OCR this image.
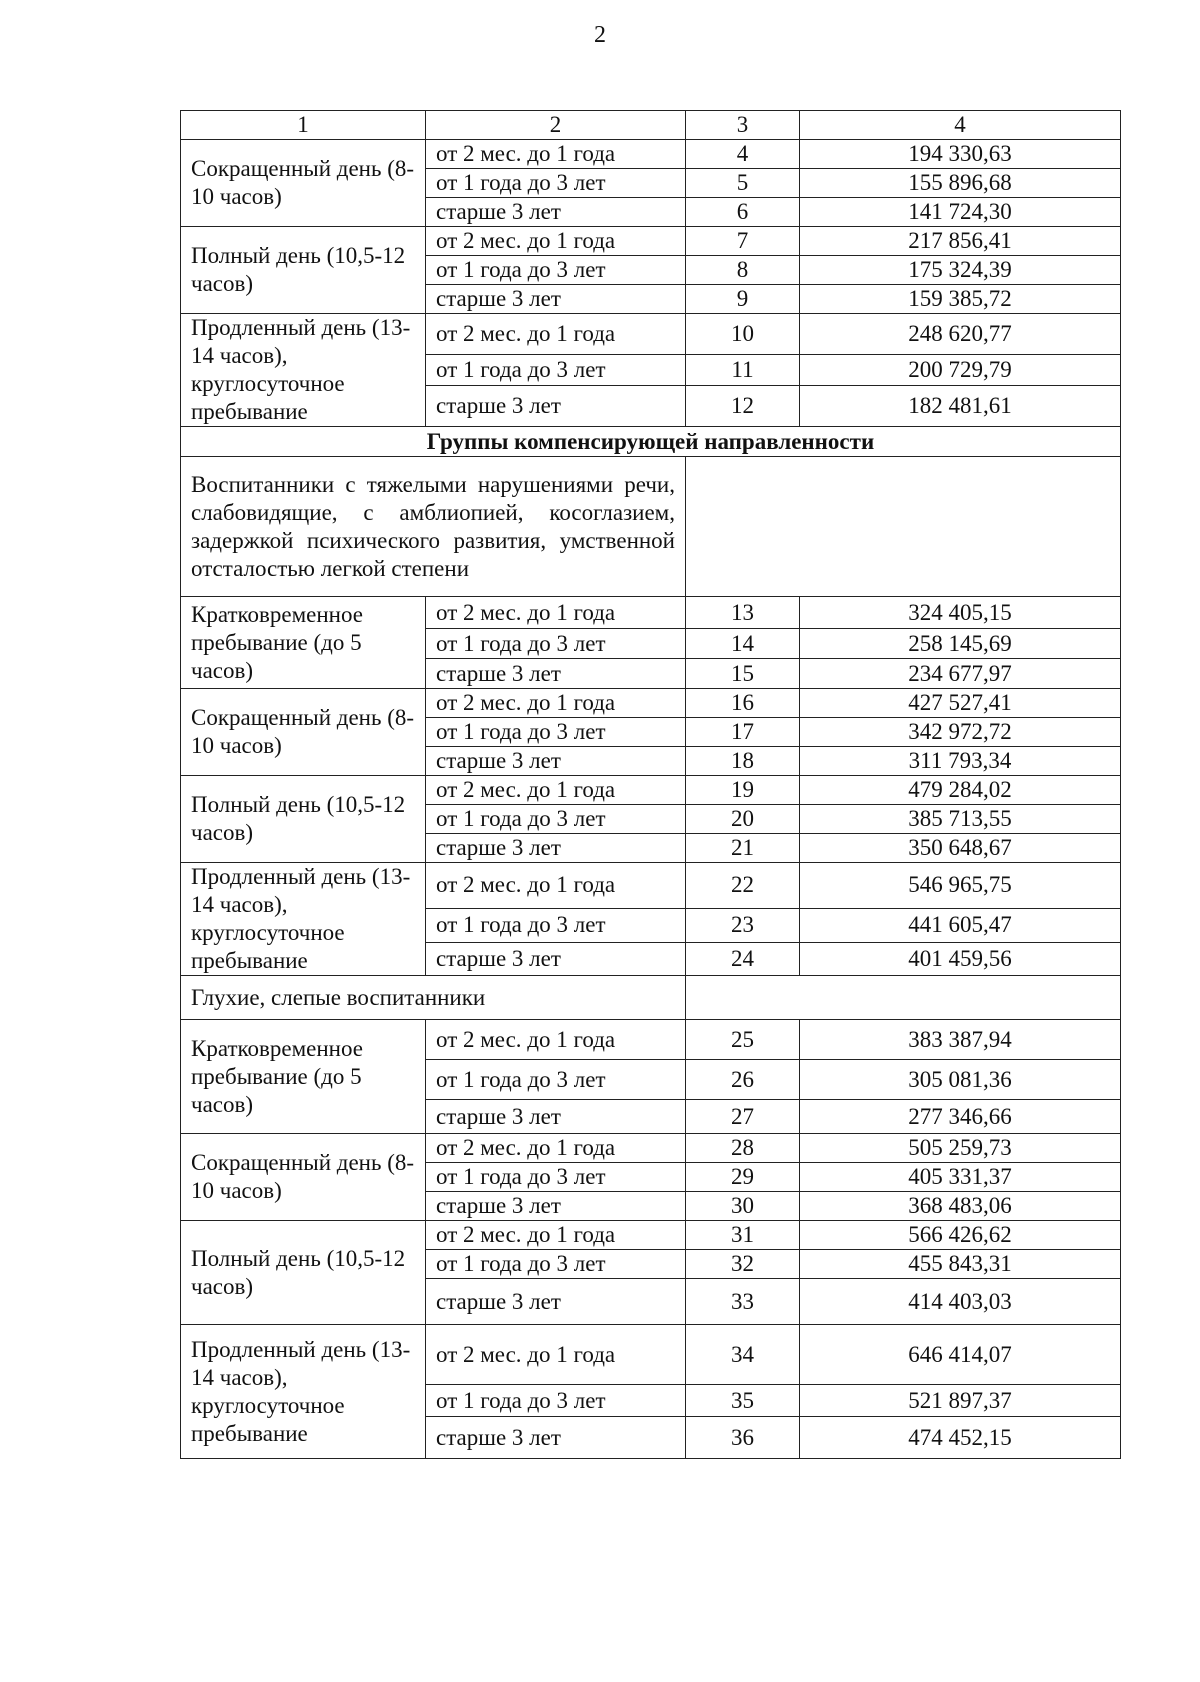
2
1	2	3	4
Сокращенный день (8-10 часов)	от 2 мес. до 1 года	4	194 330,63
	от 1 года до 3 лет	5	155 896,68
	старше 3 лет	6	141 724,30
Полный день (10,5-12 часов)	от 2 мес. до 1 года	7	217 856,41
	от 1 года до 3 лет	8	175 324,39
	старше 3 лет	9	159 385,72
Продленный день (13-14 часов), круглосуточное пребывание	от 2 мес. до 1 года	10	248 620,77
	от 1 года до 3 лет	11	200 729,79
	старше 3 лет	12	182 481,61
Группы компенсирующей направленности			
Воспитанники с тяжелыми нарушениями речи, слабовидящие, с амблиопией, косоглазием, задержкой психического развития, умственной отсталостью легкой степени			
Кратковременное пребывание (до 5 часов)	от 2 мес. до 1 года	13	324 405,15
	от 1 года до 3 лет	14	258 145,69
	старше 3 лет	15	234 677,97
Сокращенный день (8-10 часов)	от 2 мес. до 1 года	16	427 527,41
	от 1 года до 3 лет	17	342 972,72
	старше 3 лет	18	311 793,34
Полный день (10,5-12 часов)	от 2 мес. до 1 года	19	479 284,02
	от 1 года до 3 лет	20	385 713,55
	старше 3 лет	21	350 648,67
Продленный день (13-14 часов), круглосуточное пребывание	от 2 мес. до 1 года	22	546 965,75
	от 1 года до 3 лет	23	441 605,47
	старше 3 лет	24	401 459,56
Глухие, слепые воспитанники			
Кратковременное пребывание (до 5 часов)	от 2 мес. до 1 года	25	383 387,94
	от 1 года до 3 лет	26	305 081,36
	старше 3 лет	27	277 346,66
Сокращенный день (8-10 часов)	от 2 мес. до 1 года	28	505 259,73
	от 1 года до 3 лет	29	405 331,37
	старше 3 лет	30	368 483,06
Полный день (10,5-12 часов)	от 2 мес. до 1 года	31	566 426,62
	от 1 года до 3 лет	32	455 843,31
	старше 3 лет	33	414 403,03
Продленный день (13-14 часов), круглосуточное пребывание	от 2 мес. до 1 года	34	646 414,07
	от 1 года до 3 лет	35	521 897,37
	старше 3 лет	36	474 452,15
